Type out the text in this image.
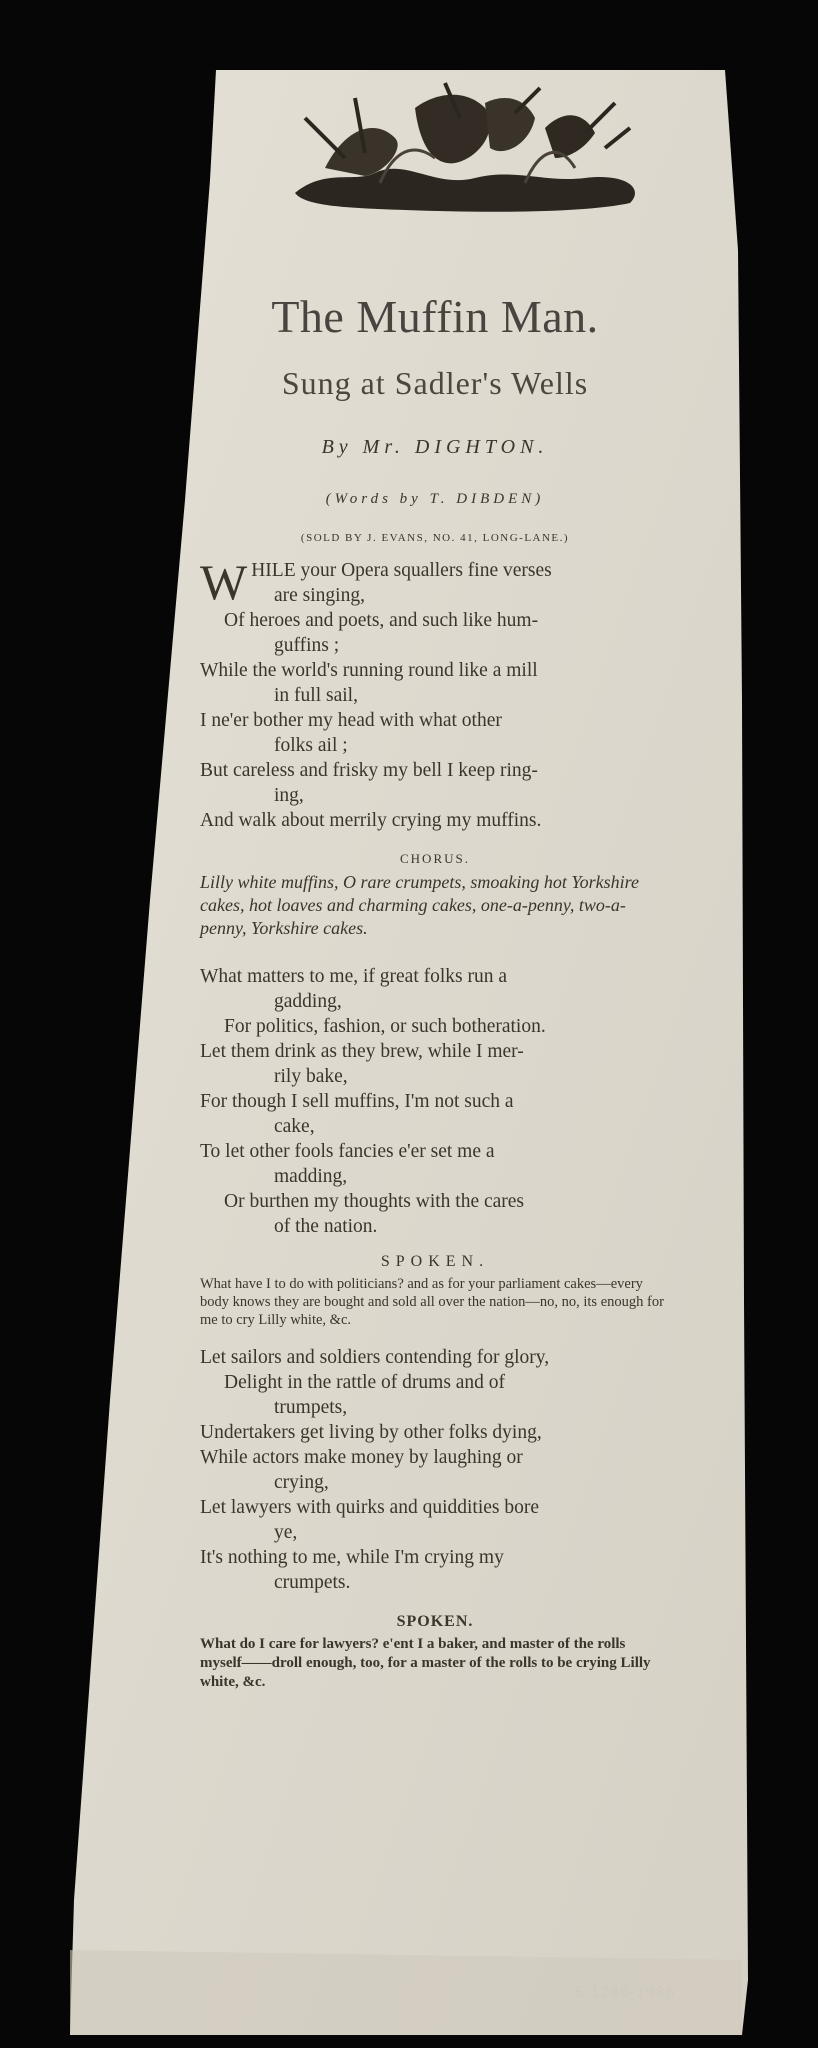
The Muffin Man.
Sung at Sadler's Wells
By Mr. DIGHTON.
(Words by T. DIBDEN)
(SOLD BY J. EVANS, NO. 41, LONG-LANE.)
W HILE your Opera squallers fine verses
are singing,
Of heroes and poets, and such like hum-
guffins ;
While the world's running round like a mill
in full sail,
I ne'er bother my head with what other
folks ail ;
But careless and frisky my bell I keep ring-
ing,
And walk about merrily crying my muffins.
CHORUS.
Lilly white muffins, O rare crumpets, smoaking hot Yorkshire cakes, hot loaves and charming cakes, one-a-penny, two-a-penny, Yorkshire cakes.
What matters to me, if great folks run a
gadding,
For politics, fashion, or such botheration.
Let them drink as they brew, while I mer-
rily bake,
For though I sell muffins, I'm not such a
cake,
To let other fools fancies e'er set me a
madding,
Or burthen my thoughts with the cares
of the nation.
SPOKEN.
What have I to do with politicians? and as for your parliament cakes—every body knows they are bought and sold all over the nation—no, no, its enough for me to cry Lilly white, &c.
Let sailors and soldiers contending for glory,
Delight in the rattle of drums and of
trumpets,
Undertakers get living by other folks dying,
While actors make money by laughing or
crying,
Let lawyers with quirks and quiddities bore
ye,
It's nothing to me, while I'm crying my
crumpets.
SPOKEN.
What do I care for lawyers? e'ent I a baker, and master of the rolls myself——droll enough, too, for a master of the rolls to be crying Lilly white, &c.
S.1240-1986
